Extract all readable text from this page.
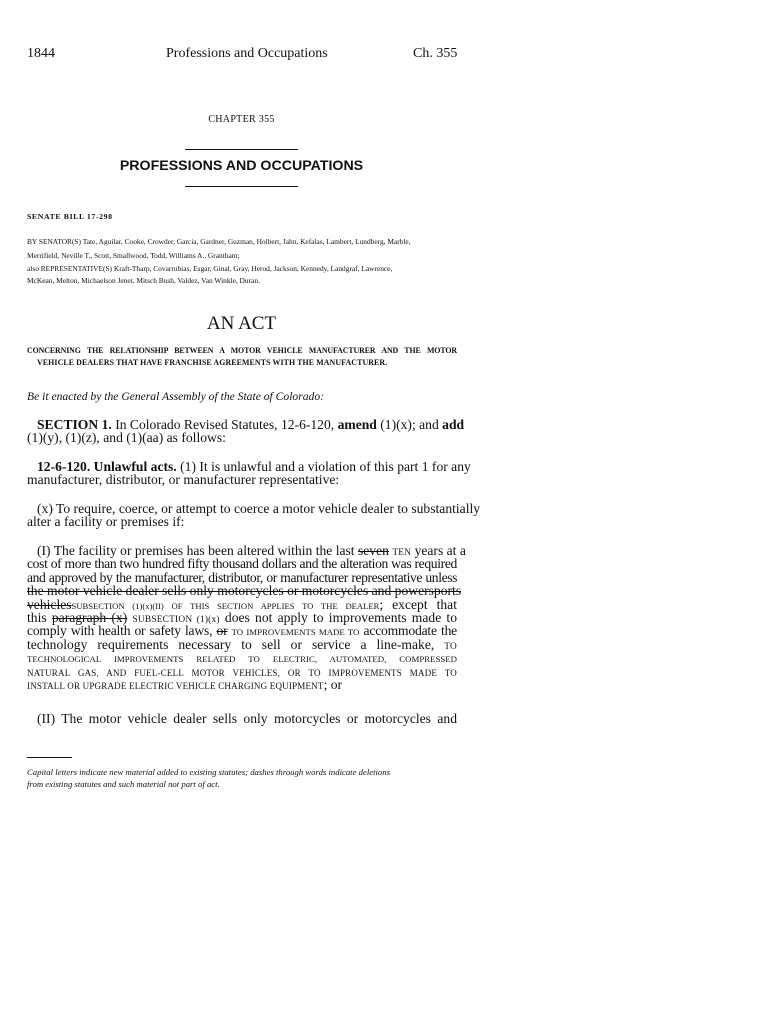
1844	Professions and Occupations	Ch. 355
CHAPTER 355
PROFESSIONS AND OCCUPATIONS
SENATE BILL 17-298
BY SENATOR(S) Tate, Aguilar, Cooke, Crowder, Garcia, Gardner, Guzman, Holbert, Jahn, Kefalas, Lambert, Lundberg, Marble,
Merrifield, Neville T., Scott, Smallwood, Todd, Williams A., Grantham;
also REPRESENTATIVE(S) Kraft-Tharp, Covarrubias, Esgar, Ginal, Gray, Herod, Jackson, Kennedy, Landgraf, Lawrence,
McKean, Melton, Michaelson Jenet, Mitsch Bush, Valdez, Van Winkle, Duran.
AN ACT
CONCERNING THE RELATIONSHIP BETWEEN A MOTOR VEHICLE MANUFACTURER AND THE MOTOR
VEHICLE DEALERS THAT HAVE FRANCHISE AGREEMENTS WITH THE MANUFACTURER.
Be it enacted by the General Assembly of the State of Colorado:
SECTION 1. In Colorado Revised Statutes, 12-6-120, amend (1)(x); and add
(1)(y), (1)(z), and (1)(aa) as follows:
12-6-120. Unlawful acts. (1) It is unlawful and a violation of this part 1 for any
manufacturer, distributor, or manufacturer representative:
(x) To require, coerce, or attempt to coerce a motor vehicle dealer to substantially
alter a facility or premises if:
(I) The facility or premises has been altered within the last seven TEN years at a
cost of more than two hundred fifty thousand dollars and the alteration was required
and approved by the manufacturer, distributor, or manufacturer representative unless
the motor vehicle dealer sells only motorcycles or motorcycles and powersports
vehiclesSUBSECTION (1)(x)(II) OF THIS SECTION APPLIES TO THE DEALER; except that
this paragraph (x) SUBSECTION (1)(x) does not apply to improvements made to
comply with health or safety laws, or TO IMPROVEMENTS MADE TO accommodate the
technology requirements necessary to sell or service a line-make, TO
TECHNOLOGICAL IMPROVEMENTS RELATED TO ELECTRIC, AUTOMATED, COMPRESSED
NATURAL GAS, AND FUEL-CELL MOTOR VEHICLES, OR TO IMPROVEMENTS MADE TO
INSTALL OR UPGRADE ELECTRIC VEHICLE CHARGING EQUIPMENT; or
(II) The motor vehicle dealer sells only motorcycles or motorcycles and
Capital letters indicate new material added to existing statutes; dashes through words indicate deletions
from existing statutes and such material not part of act.
